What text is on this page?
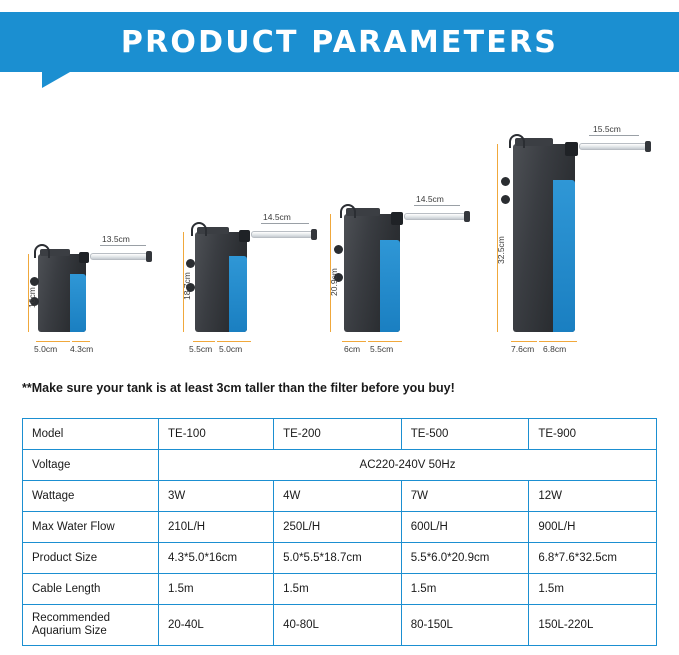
PRODUCT PARAMETERS
13.5cm
16cm
5.0cm 4.3cm
14.5cm
18.7cm
5.5cm 5.0cm
14.5cm
20.9cm
6cm 5.5cm
15.5cm
32.5cm
7.6cm 6.8cm
**Make sure your tank is at least 3cm taller than the filter before you buy!
Model	TE-100	TE-200	TE-500	TE-900
Voltage	AC220-240V 50Hz			
Wattage	3W	4W	7W	12W
Max Water Flow	210L/H	250L/H	600L/H	900L/H
Product Size	4.3*5.0*16cm	5.0*5.5*18.7cm	5.5*6.0*20.9cm	6.8*7.6*32.5cm
Cable Length	1.5m	1.5m	1.5m	1.5m

Recommended
Aquarium Size	20-40L	40-80L	80-150L	150L-220L
